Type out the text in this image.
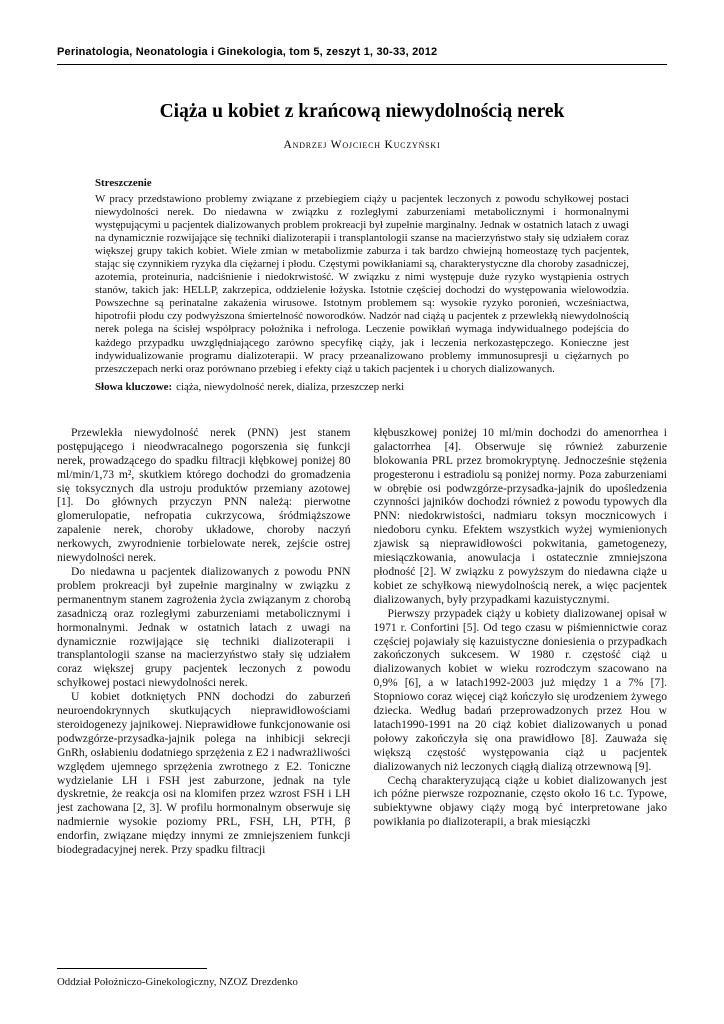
Perinatologia, Neonatologia i Ginekologia, tom 5, zeszyt 1, 30-33, 2012
Ciąża u kobiet z krańcową niewydolnością nerek
Andrzej Wojciech Kuczyński
Streszczenie

W pracy przedstawiono problemy związane z przebiegiem ciąży u pacjentek leczonych z powodu schyłkowej postaci niewydolności nerek. Do niedawna w związku z rozległymi zaburzeniami metabolicznymi i hormonalnymi występującymi u pacjentek dializowanych problem prokreacji był zupełnie marginalny. Jednak w ostatnich latach z uwagi na dynamicznie rozwijające się techniki dializoterapii i transplantologii szanse na macierzyństwo stały się udziałem coraz większej grupy takich kobiet. Wiele zmian w metabolizmie zaburza i tak bardzo chwiejną homeostazę tych pacjentek, stając się czynnikiem ryzyka dla ciężarnej i płodu. Częstymi powikłaniami są, charakterystyczne dla choroby zasadniczej, azotemia, proteinuria, nadciśnienie i niedokrwistość. W związku z nimi występuje duże ryzyko wystąpienia ostrych stanów, takich jak: HELLP, zakrzepica, oddzielenie łożyska. Istotnie częściej dochodzi do występowania wielowodzia. Powszechne są perinatalne zakażenia wirusowe. Istotnym problemem są: wysokie ryzyko poronień, wcześniactwa, hipotrofii płodu czy podwyższona śmiertelność noworodków. Nadzór nad ciążą u pacjentek z przewlekłą niewydolnością nerek polega na ścisłej współpracy położnika i nefrologa. Leczenie powikłań wymaga indywidualnego podejścia do każdego przypadku uwzględniającego zarówno specyfikę ciąży, jak i leczenia nerkozastępczego. Konieczne jest indywidualizowanie programu dializoterapii. W pracy przeanalizowano problemy immunosupresji u ciężarnych po przeszczepach nerki oraz porównano przebieg i efekty ciąż u takich pacjentek i u chorych dializowanych.

Słowa kluczowe: ciąża, niewydolność nerek, dializa, przeszczep nerki

Przewlekła niewydolność nerek (PNN) jest stanem postępującego i nieodwracalnego pogorszenia się funkcji nerek, prowadzącego do spadku filtracji kłębkowej poniżej 80 ml/min/1,73 m², skutkiem którego dochodzi do gromadzenia się toksycznych dla ustroju produktów przemiany azotowej [1]. Do głównych przyczyn PNN należą: pierwotne glomerulopatie, nefropatia cukrzycowa, śródmiąższowe zapalenie nerek, choroby układowe, choroby naczyń nerkowych, zwyrodnienie torbielowate nerek, zejście ostrej niewydolności nerek.

Do niedawna u pacjentek dializowanych z powodu PNN problem prokreacji był zupełnie marginalny w związku z permanentnym stanem zagrożenia życia związanym z chorobą zasadniczą oraz rozległymi zaburzeniami metabolicznymi i hormonalnymi. Jednak w ostatnich latach z uwagi na dynamicznie rozwijające się techniki dializoterapii i transplantologii szanse na macierzyństwo stały się udziałem coraz większej grupy pacjentek leczonych z powodu schyłkowej postaci niewydolności nerek.

U kobiet dotkniętych PNN dochodzi do zaburzeń neuroendokrynnych skutkujących nieprawidłowościami steroidogenezy jajnikowej. Nieprawidłowe funkcjonowanie osi podwzgórze-przysadka-jajnik polega na inhibicji sekrecji GnRh, osłabieniu dodatniego sprzężenia z E2 i nadwrażliwości względem ujemnego sprzężenia zwrotnego z E2. Toniczne wydzielanie LH i FSH jest zaburzone, jednak na tyle dyskretnie, że reakcja osi na klomifen przez wzrost FSH i LH jest zachowana [2, 3]. W profilu hormonalnym obserwuje się nadmiernie wysokie poziomy PRL, FSH, LH, PTH, β endorfin, związane między innymi ze zmniejszeniem funkcji biodegradacyjnej nerek. Przy spadku filtracji

kłębuszkowej poniżej 10 ml/min dochodzi do amenorrhea i galactorrhea [4]. Obserwuje się również zaburzenie blokowania PRL przez bromokryptynę. Jednocześnie stężenia progesteronu i estradiolu są poniżej normy. Poza zaburzeniami w obrębie osi podwzgórze-przysadka-jajnik do upośledzenia czynności jajników dochodzi również z powodu typowych dla PNN: niedokrwistości, nadmiaru toksyn mocznicowych i niedoboru cynku. Efektem wszystkich wyżej wymienionych zjawisk są nieprawidłowości pokwitania, gametogenezy, miesiączkowania, anowulacja i ostatecznie zmniejszona płodność [2]. W związku z powyższym do niedawna ciąże u kobiet ze schyłkową niewydolnością nerek, a więc pacjentek dializowanych, były przypadkami kazuistycznymi.

Pierwszy przypadek ciąży u kobiety dializowanej opisał w 1971 r. Confortini [5]. Od tego czasu w piśmiennictwie coraz częściej pojawiały się kazuistyczne doniesienia o przypadkach zakończonych sukcesem. W 1980 r. częstość ciąż u dializowanych kobiet w wieku rozrodczym szacowano na 0,9% [6], a w latach1992-2003 już między 1 a 7% [7]. Stopniowo coraz więcej ciąż kończyło się urodzeniem żywego dziecka. Według badań przeprowadzonych przez Hou w latach1990-1991 na 20 ciąż kobiet dializowanych u ponad połowy zakończyła się ona prawidłowo [8]. Zauważa się większą częstość występowania ciąż u pacjentek dializowanych niż leczonych ciągłą dializą otrzewnową [9].

Cechą charakteryzującą ciąże u kobiet dializowanych jest ich późne pierwsze rozpoznanie, często około 16 t.c. Typowe, subiektywne objawy ciąży mogą być interpretowane jako powikłania po dializoterapii, a brak miesiączki

Oddział Położniczo-Ginekologiczny, NZOZ Drezdenko
